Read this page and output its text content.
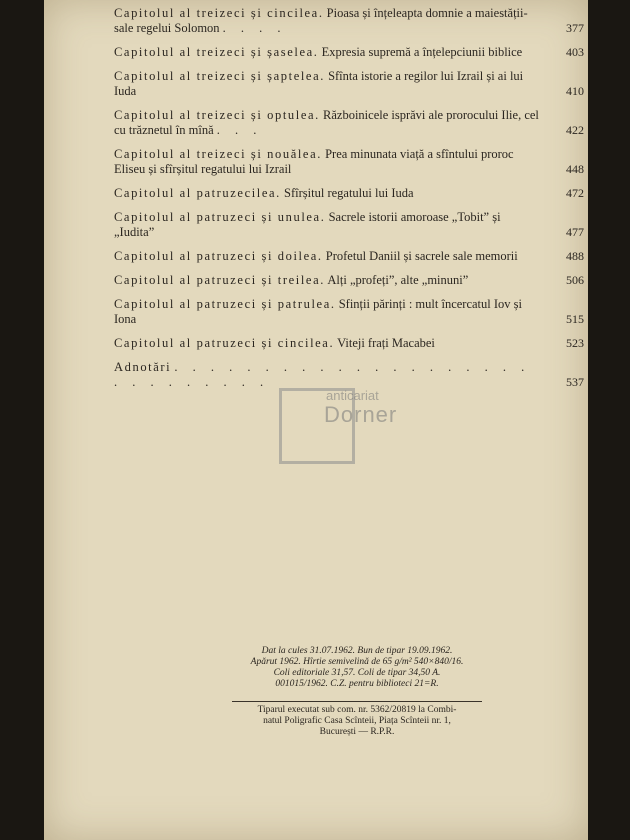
Capitolul al treizeci și cincilea. Pioasa și înțeleapta domnie a maiestății-sale regelui Solomon . . . .	377
Capitolul al treizeci și șaselea. Expresia supremă a înțelepciunii biblice	403
Capitolul al treizeci și șaptelea. Sfînta istorie a regilor lui Izrail și ai lui Iuda	410
Capitolul al treizeci și optulea. Războinicele isprăvi ale prorocului Ilie, cel cu trăznetul în mînă . . .	422
Capitolul al treizeci și nouălea. Prea minunata viață a sfîntului proroc Eliseu și sfîrșitul regatului lui Izrail	448
Capitolul al patruzecilea. Sfîrșitul regatului lui Iuda	472
Capitolul al patruzeci și unulea. Sacrele istorii amoroase „Tobit” și „Iudita”	477
Capitolul al patruzeci și doilea. Profetul Daniil și sacrele sale memorii	488
Capitolul al patruzeci și treilea. Alți „profeți”, alte „minuni”	506
Capitolul al patruzeci și patrulea. Sfinții părinți : mult încercatul Iov și Iona	515
Capitolul al patruzeci și cincilea. Viteji frați Macabei	523
Adnotări . . . . . . . . . . . . . . . . . . . . . . . . . . . . .	537
anticariat
Dorner
Dat la cules 31.07.1962. Bun de tipar 19.09.1962.
Apărut 1962. Hîrtie semivelină de 65 g/m² 540×840/16.
Coli editoriale 31,57. Coli de tipar 34,50 A.
001015/1962. C.Z. pentru biblioteci 21=R.
Tiparul executat sub com. nr. 5362/20819 la Combi-
natul Poligrafic Casa Scînteii, Piața Scînteii nr. 1,
București — R.P.R.
